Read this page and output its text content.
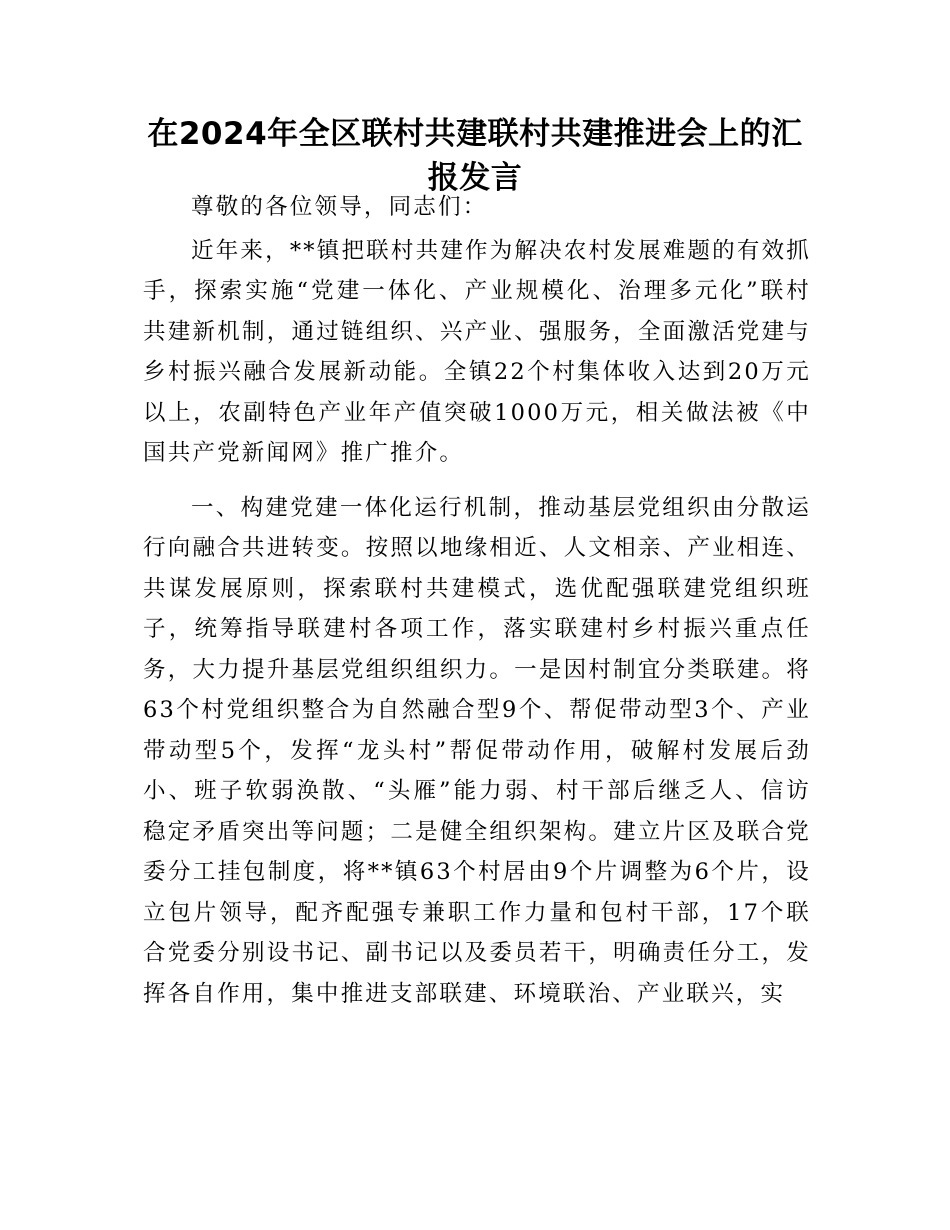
在2024年全区联村共建联村共建推进会上的汇报发言

尊敬的各位领导，同志们：

近年来，**镇把联村共建作为解决农村发展难题的有效抓手，探索实施“党建一体化、产业规模化、治理多元化”联村共建新机制，通过链组织、兴产业、强服务，全面激活党建与乡村振兴融合发展新动能。全镇22个村集体收入达到20万元以上，农副特色产业年产值突破1000万元，相关做法被《中国共产党新闻网》推广推介。

一、构建党建一体化运行机制，推动基层党组织由分散运行向融合共进转变。按照以地缘相近、人文相亲、产业相连、共谋发展原则，探索联村共建模式，选优配强联建党组织班子，统筹指导联建村各项工作，落实联建村乡村振兴重点任务，大力提升基层党组织组织力。一是因村制宜分类联建。将63个村党组织整合为自然融合型9个、帮促带动型3个、产业带动型5个，发挥“龙头村”帮促带动作用，破解村发展后劲小、班子软弱涣散、“头雁”能力弱、村干部后继乏人、信访稳定矛盾突出等问题；二是健全组织架构。建立片区及联合党委分工挂包制度，将**镇63个村居由9个片调整为6个片，设立包片领导，配齐配强专兼职工作力量和包村干部，17个联合党委分别设书记、副书记以及委员若干，明确责任分工，发挥各自作用，集中推进支部联建、环境联治、产业联兴，实
